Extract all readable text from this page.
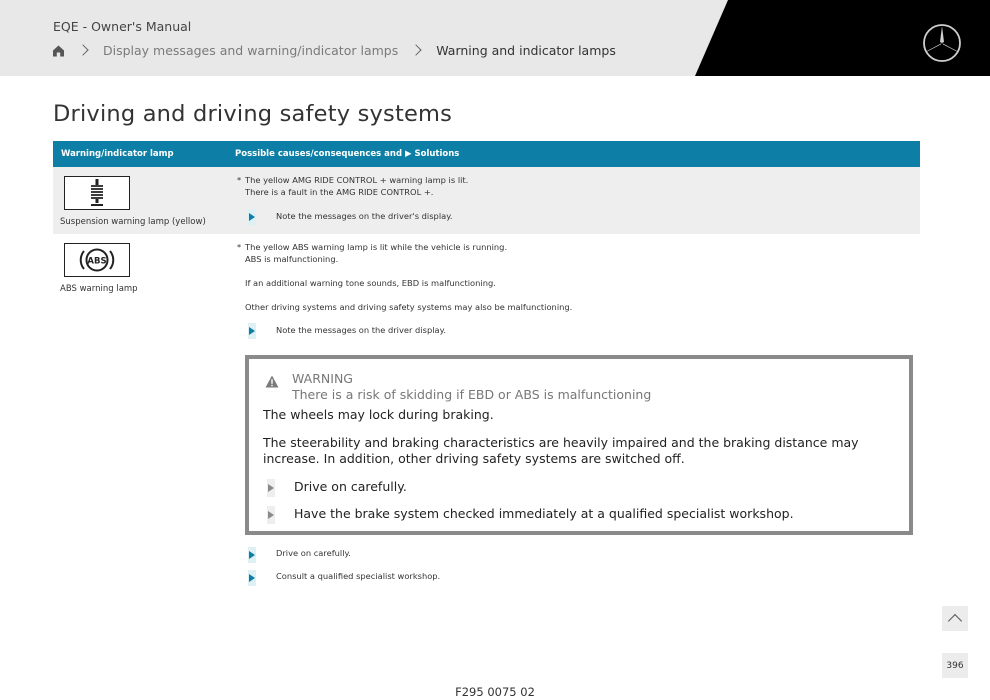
EQE - Owner's Manual
Display messages and warning/indicator lamps	Warning and indicator lamps
Driving and driving safety systems
Warning/indicator lamp	Possible causes/consequences and ▶ Solutions
Suspension warning lamp (yellow)
* The yellow AMG RIDE CONTROL + warning lamp is lit.
There is a fault in the AMG RIDE CONTROL +.
Note the messages on the driver's display.
ABS
ABS warning lamp
* The yellow ABS warning lamp is lit while the vehicle is running.
ABS is malfunctioning.
If an additional warning tone sounds, EBD is malfunctioning.
Other driving systems and driving safety systems may also be malfunctioning.
Note the messages on the driver display.
WARNING
There is a risk of skidding if EBD or ABS is malfunctioning
The wheels may lock during braking.
The steerability and braking characteristics are heavily impaired and the braking distance may increase. In addition, other driving safety systems are switched off.
Drive on carefully.
Have the brake system checked immediately at a qualified specialist workshop.
Drive on carefully.
Consult a qualified specialist workshop.
396
F295 0075 02
